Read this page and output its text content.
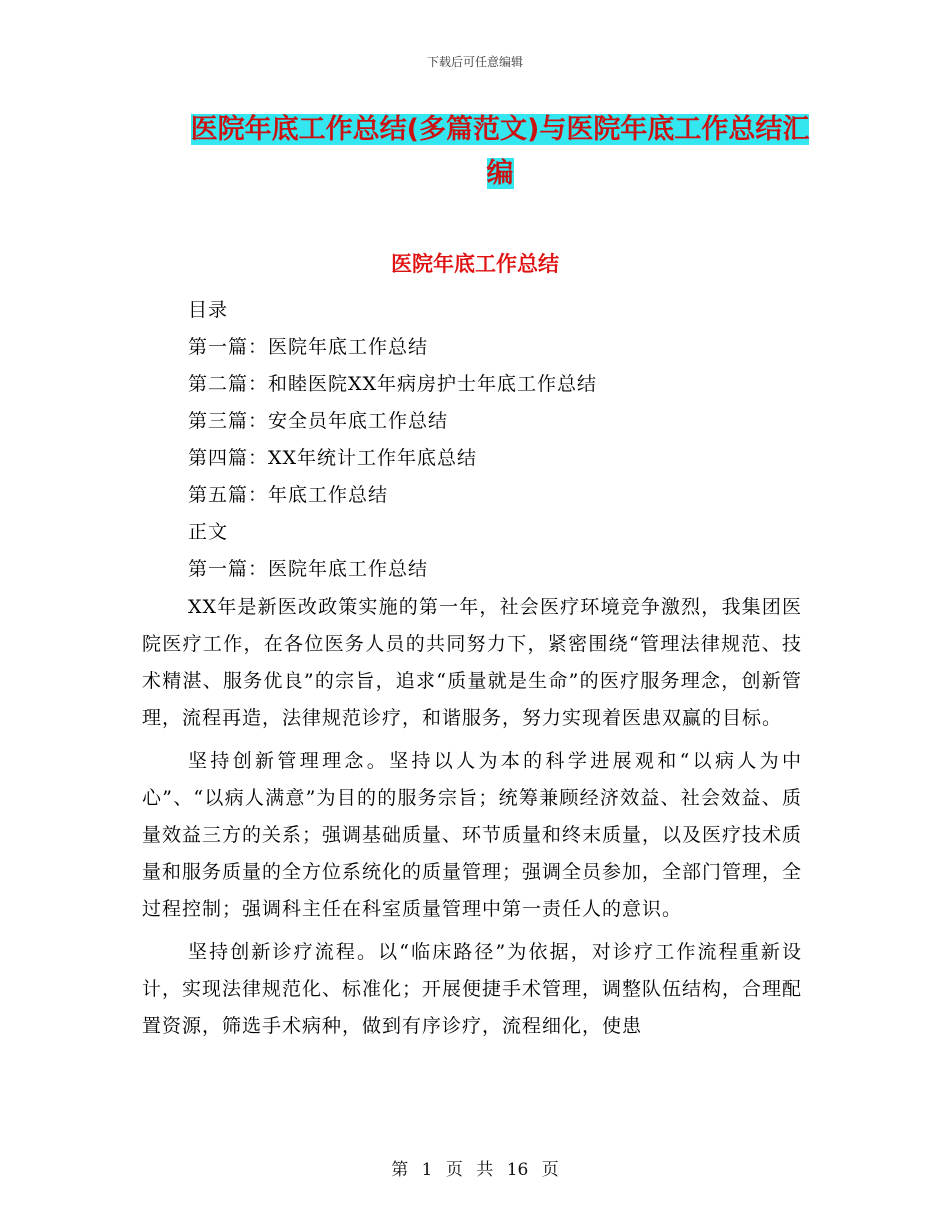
下载后可任意编辑
医院年底工作总结(多篇范文)与医院年底工作总结汇编
医院年底工作总结
目录
第一篇：医院年底工作总结
第二篇：和睦医院XX年病房护士年底工作总结
第三篇：安全员年底工作总结
第四篇：XX年统计工作年底总结
第五篇：年底工作总结
正文
第一篇：医院年底工作总结

XX年是新医改政策实施的第一年，社会医疗环境竞争激烈，我集团医院医疗工作，在各位医务人员的共同努力下，紧密围绕“管理法律规范、技术精湛、服务优良”的宗旨，追求“质量就是生命”的医疗服务理念，创新管理，流程再造，法律规范诊疗，和谐服务，努力实现着医患双赢的目标。

坚持创新管理理念。坚持以人为本的科学进展观和“以病人为中心”、“以病人满意”为目的的服务宗旨；统筹兼顾经济效益、社会效益、质量效益三方的关系；强调基础质量、环节质量和终末质量，以及医疗技术质量和服务质量的全方位系统化的质量管理；强调全员参加，全部门管理，全过程控制；强调科主任在科室质量管理中第一责任人的意识。

坚持创新诊疗流程。以“临床路径”为依据，对诊疗工作流程重新设计，实现法律规范化、标准化；开展便捷手术管理，调整队伍结构，合理配置资源，筛选手术病种，做到有序诊疗，流程细化，使患

第 1 页 共 16 页
